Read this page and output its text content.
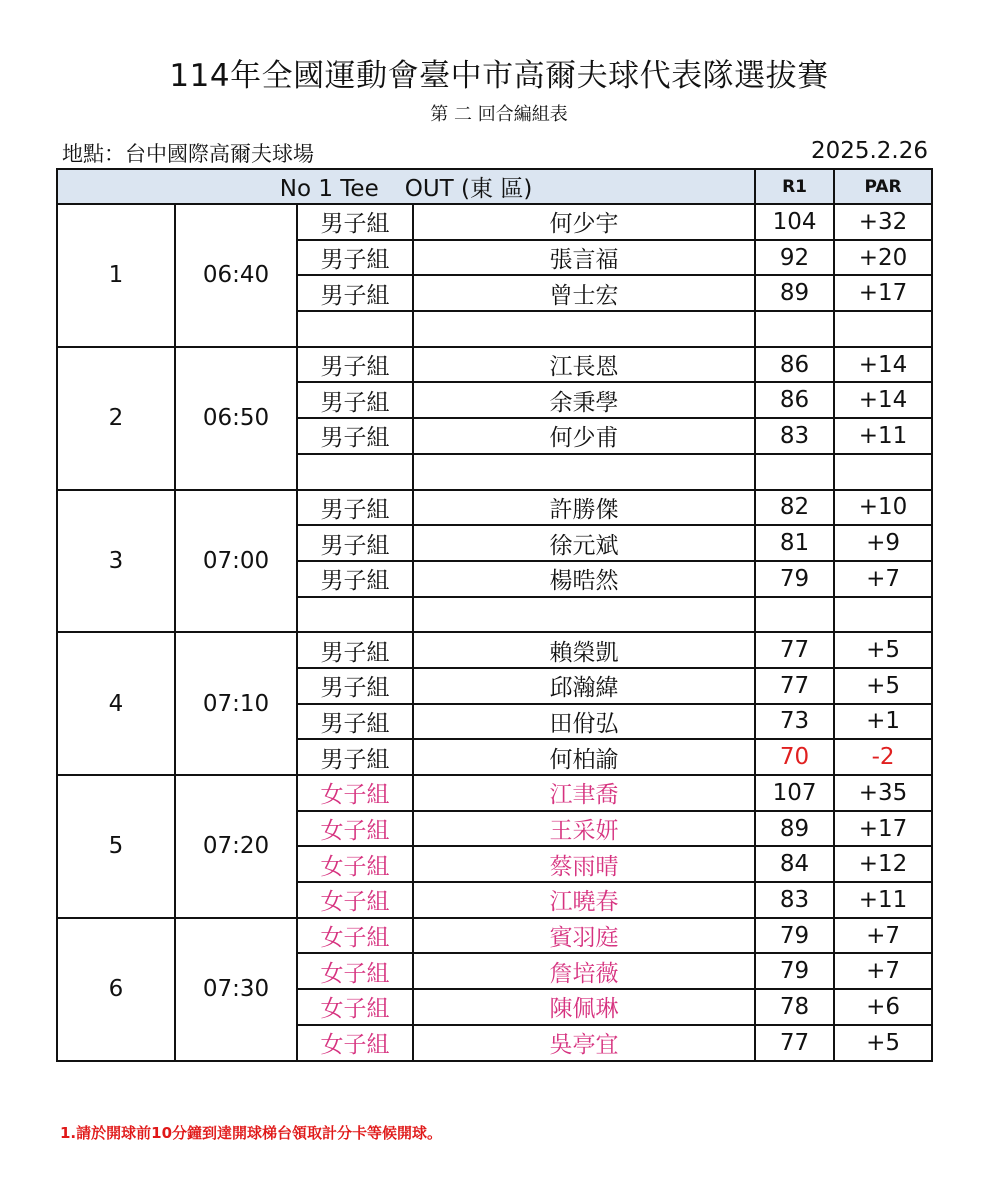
114年全國運動會臺中市高爾夫球代表隊選拔賽
第 二 回合編組表
地點：台中國際高爾夫球場	2025.2.26
No 1 Tee OUT (東 區)				R1	PAR
1	06:40	男子組	何少宇	104	+32
		男子組	張言福	92	+20
		男子組	曾士宏	89	+17

2	06:50	男子組	江長恩	86	+14
		男子組	余秉學	86	+14
		男子組	何少甫	83	+11

3	07:00	男子組	許勝傑	82	+10
		男子組	徐元斌	81	+9
		男子組	楊晧然	79	+7

4	07:10	男子組	賴榮凱	77	+5
		男子組	邱瀚緯	77	+5
		男子組	田佾弘	73	+1
		男子組	何柏諭	70	-2
5	07:20	女子組	江聿喬	107	+35
		女子組	王采妍	89	+17
		女子組	蔡雨晴	84	+12
		女子組	江曉春	83	+11
6	07:30	女子組	賓羽庭	79	+7
		女子組	詹培薇	79	+7
		女子組	陳佩琳	78	+6
		女子組	吳亭宜	77	+5
1.請於開球前10分鐘到達開球梯台領取計分卡等候開球。
